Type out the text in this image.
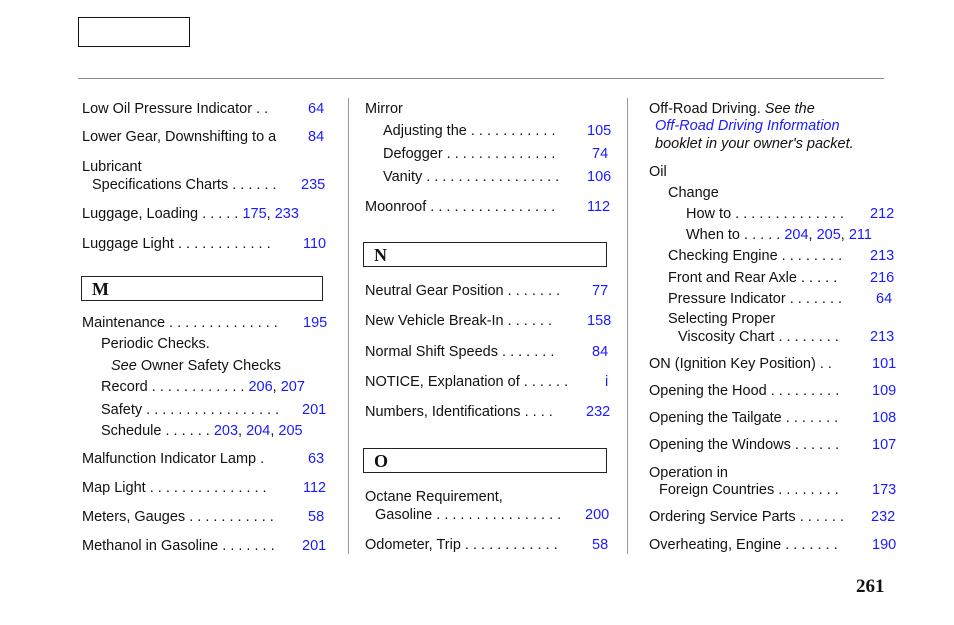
Low Oil Pressure Indicator . .	64
Lower Gear, Downshifting to a 84
Lubricant
Specifications Charts . . . . . . 235
Luggage, Loading . . . . . 175, 233
Luggage Light . . . . . . . . . . . . 110
M
Maintenance . . . . . . . . . . . . . . 195
Periodic Checks.
See Owner Safety Checks
Record . . . . . . . . . . . . 206, 207
Safety . . . . . . . . . . . . . . . . . 201
Schedule . . . . . . 203, 204, 205
Malfunction Indicator Lamp .	63
Map Light . . . . . . . . . . . . . . .	112
Meters, Gauges . . . . . . . . . . . 58
Methanol in Gasoline . . . . . . . 201
Mirror
Adjusting the . . . . . . . . . . . 105
Defogger . . . . . . . . . . . . . .	74
Vanity . . . . . . . . . . . . . . . . . 106
Moonroof . . . . . . . . . . . . . . . . 112
N
Neutral Gear Position . . . . . . . 77
New Vehicle Break-In . . . . . . 158
Normal Shift Speeds . . . . . . .	84
NOTICE, Explanation of . . . . . .	i
Numbers, Identifications . . . . 232
O
Octane Requirement,
Gasoline . . . . . . . . . . . . . . . . 200
Odometer, Trip . . . . . . . . . . . . 58
Off-Road Driving. See the
Off-Road Driving Information
booklet in your owner's packet.
Oil
Change
How to . . . . . . . . . . . . . . 212
When to . . . . . 204, 205, 211
Checking Engine . . . . . . . . 213
Front and Rear Axle . . . . . 216
Pressure Indicator . . . . . . . 64
Selecting Proper
Viscosity Chart . . . . . . . . 213
ON (Ignition Key Position) . .	101
Opening the Hood . . . . . . . . . 109
Opening the Tailgate . . . . . . . 108
Opening the Windows . . . . . . 107
Operation in
Foreign Countries . . . . . . . . 173
Ordering Service Parts . . . . . . 232
Overheating, Engine . . . . . . . 190
261
